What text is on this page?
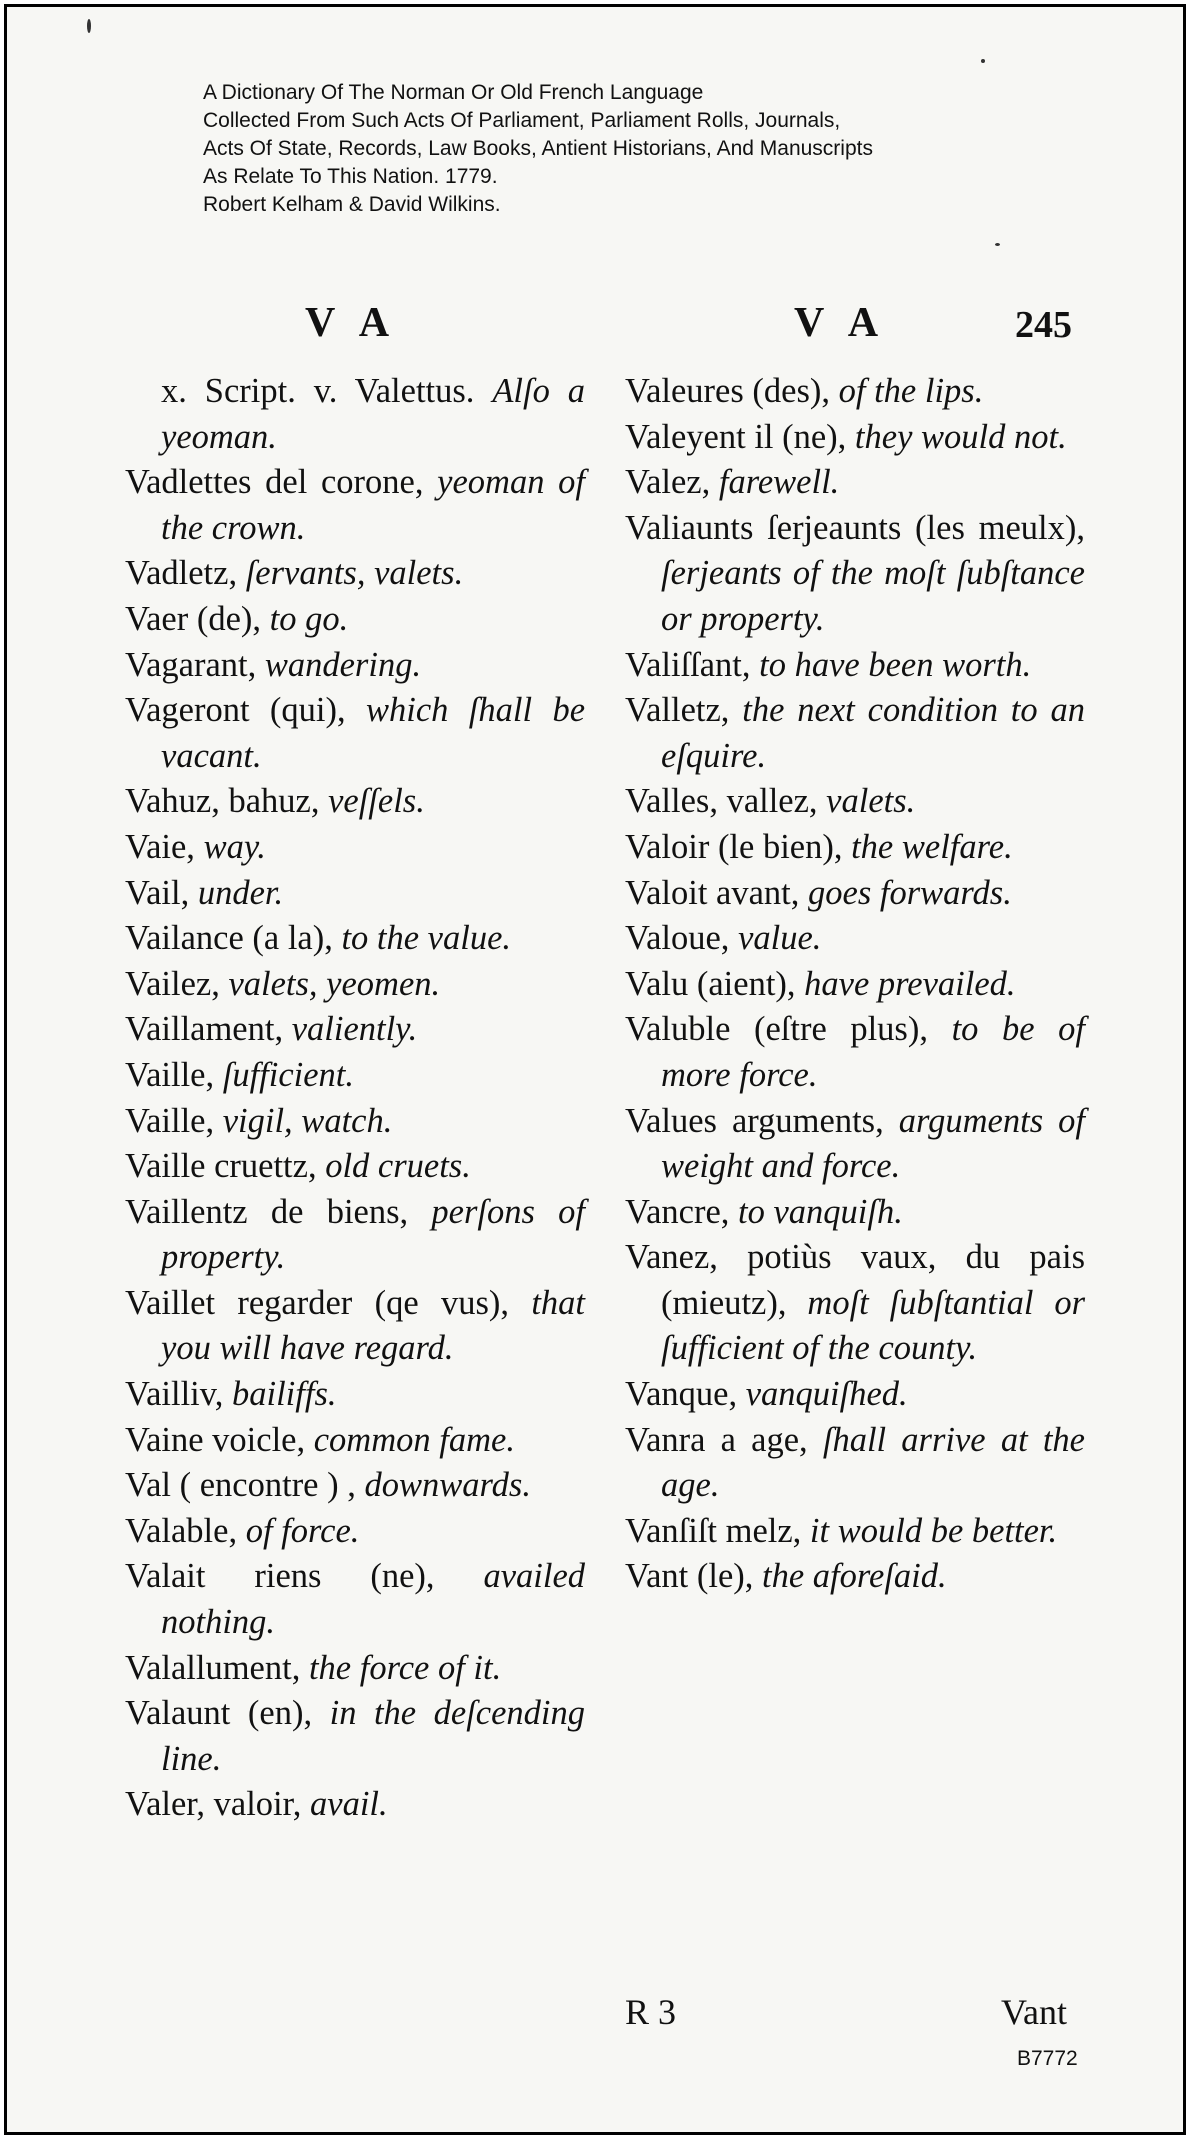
A Dictionary Of The Norman Or Old French Language
Collected From Such Acts Of Parliament, Parliament Rolls, Journals,
Acts Of State, Records, Law Books, Antient Historians, And Manuscripts
As Relate To This Nation. 1779.
Robert Kelham & David Wilkins.
V A	V A	245
x. Script. v. Valettus. Alſo a yeoman.
Vadlettes del corone, yeoman of the crown.
Vadletz, ſervants, valets.
Vaer (de), to go.
Vagarant, wandering.
Vageront (qui), which ſhall be vacant.
Vahuz, bahuz, veſſels.
Vaie, way.
Vail, under.
Vailance (a la), to the value.
Vailez, valets, yeomen.
Vaillament, valiently.
Vaille, ſufficient.
Vaille, vigil, watch.
Vaille cruettz, old cruets.
Vaillentz de biens, perſons of property.
Vaillet regarder (qe vus), that you will have regard.
Vailliv, bailiffs.
Vaine voicle, common fame.
Val ( encontre ) , downwards.
Valable, of force.
Valait riens (ne), availed nothing.
Valallument, the force of it.
Valaunt (en), in the deſcending line.
Valer, valoir, avail.
Valeures (des), of the lips.
Valeyent il (ne), they would not.
Valez, farewell.
Valiaunts ſerjeaunts (les meulx), ſerjeants of the moſt ſubſtance or property.
Valiſſant, to have been worth.
Valletz, the next condition to an eſquire.
Valles, vallez, valets.
Valoir (le bien), the welfare.
Valoit avant, goes forwards.
Valoue, value.
Valu (aient), have prevailed.
Valuble (eſtre plus), to be of more force.
Values arguments, arguments of weight and force.
Vancre, to vanquiſh.
Vanez, potiùs vaux, du pais (mieutz), moſt ſubſtantial or ſufficient of the county.
Vanque, vanquiſhed.
Vanra a age, ſhall arrive at the age.
Vanſiſt melz, it would be better.
Vant (le), the aforeſaid.
R 3	Vant
B7772
